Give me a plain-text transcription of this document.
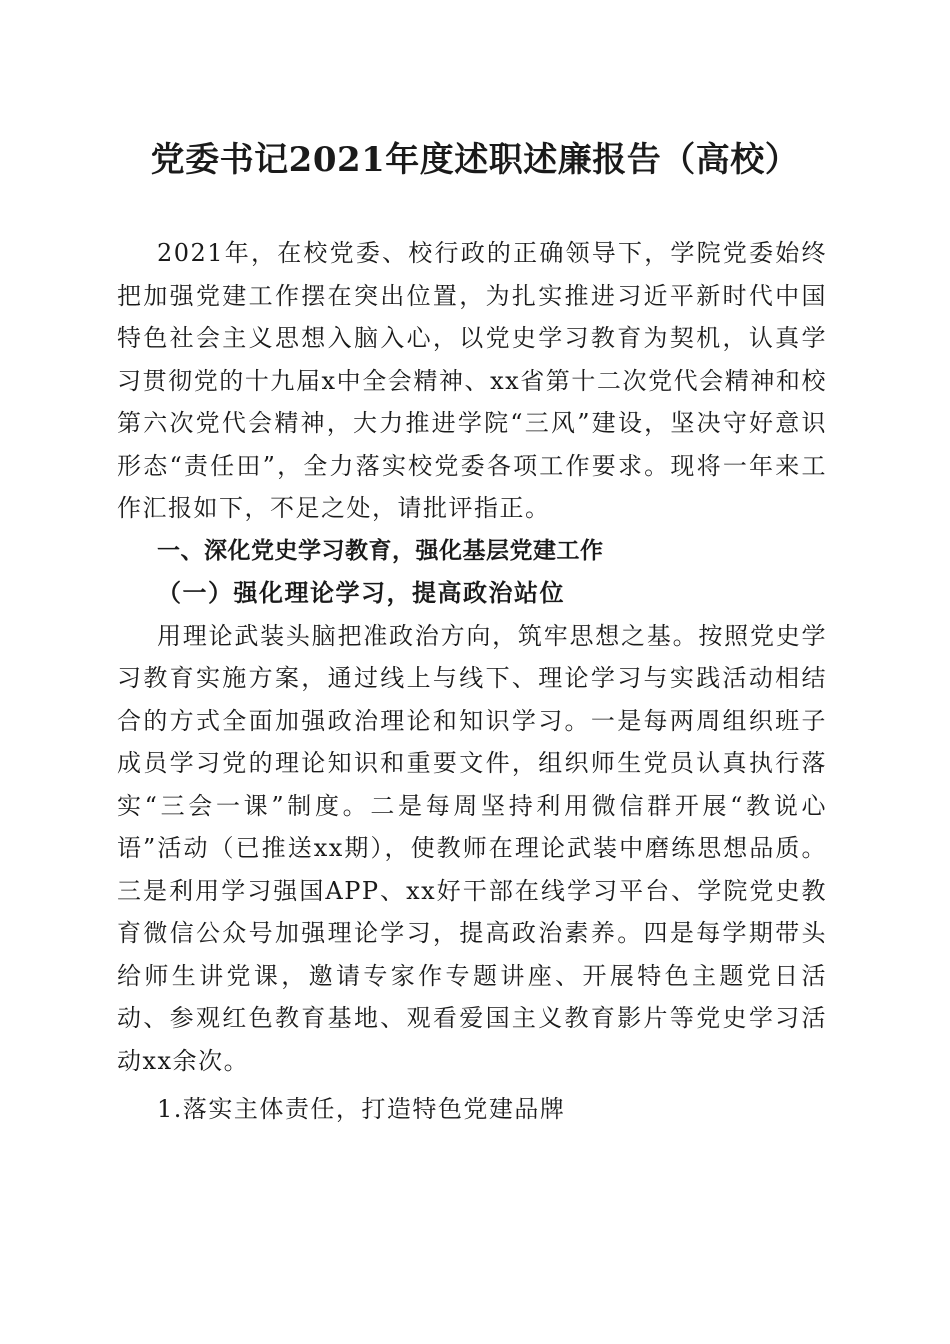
党委书记2021年度述职述廉报告（高校）

2021年，在校党委、校行政的正确领导下，学院党委始终把加强党建工作摆在突出位置，为扎实推进习近平新时代中国特色社会主义思想入脑入心，以党史学习教育为契机，认真学习贯彻党的十九届x中全会精神、xx省第十二次党代会精神和校第六次党代会精神，大力推进学院“三风”建设，坚决守好意识形态“责任田”，全力落实校党委各项工作要求。现将一年来工作汇报如下，不足之处，请批评指正。

一、深化党史学习教育，强化基层党建工作

（一）强化理论学习，提高政治站位

用理论武装头脑把准政治方向，筑牢思想之基。按照党史学习教育实施方案，通过线上与线下、理论学习与实践活动相结合的方式全面加强政治理论和知识学习。一是每两周组织班子成员学习党的理论知识和重要文件，组织师生党员认真执行落实“三会一课”制度。二是每周坚持利用微信群开展“教说心语”活动（已推送xx期），使教师在理论武装中磨练思想品质。三是利用学习强国APP、xx好干部在线学习平台、学院党史教育微信公众号加强理论学习，提高政治素养。四是每学期带头给师生讲党课，邀请专家作专题讲座、开展特色主题党日活动、参观红色教育基地、观看爱国主义教育影片等党史学习活动xx余次。

1.落实主体责任，打造特色党建品牌
